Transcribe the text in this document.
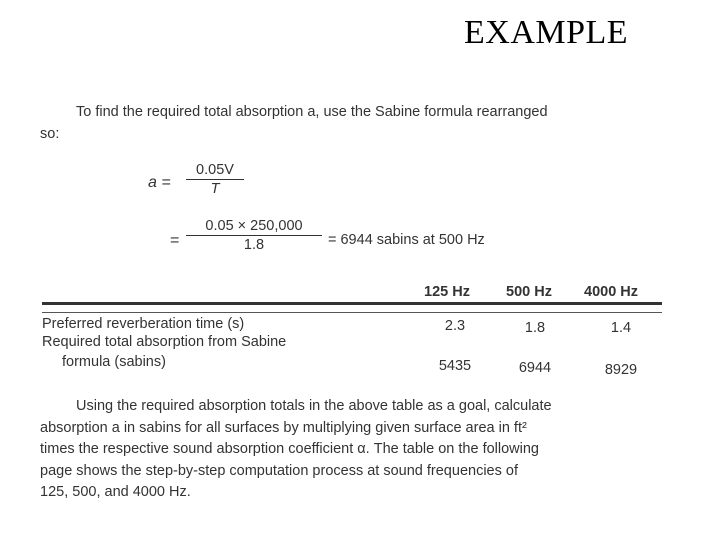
EXAMPLE
To find the required total absorption a, use the Sabine formula rearranged
so:
$a = \frac{0.05V}{T}$
= $\frac{0.05 \times 250,000}{1.8} = 6944$ sabins at 500 Hz
125 Hz 500 Hz 4000 Hz
Preferred reverberation time (s)	2.3	1.8	1.4
Required total absorption from Sabine
formula (sabins)	5435	6944	8929
Using the required absorption totals in the above table as a goal, calculate
absorption a in sabins for all surfaces by multiplying given surface area in ft²
times the respective sound absorption coefficient α. The table on the following
page shows the step-by-step computation process at sound frequencies of
125, 500, and 4000 Hz.
